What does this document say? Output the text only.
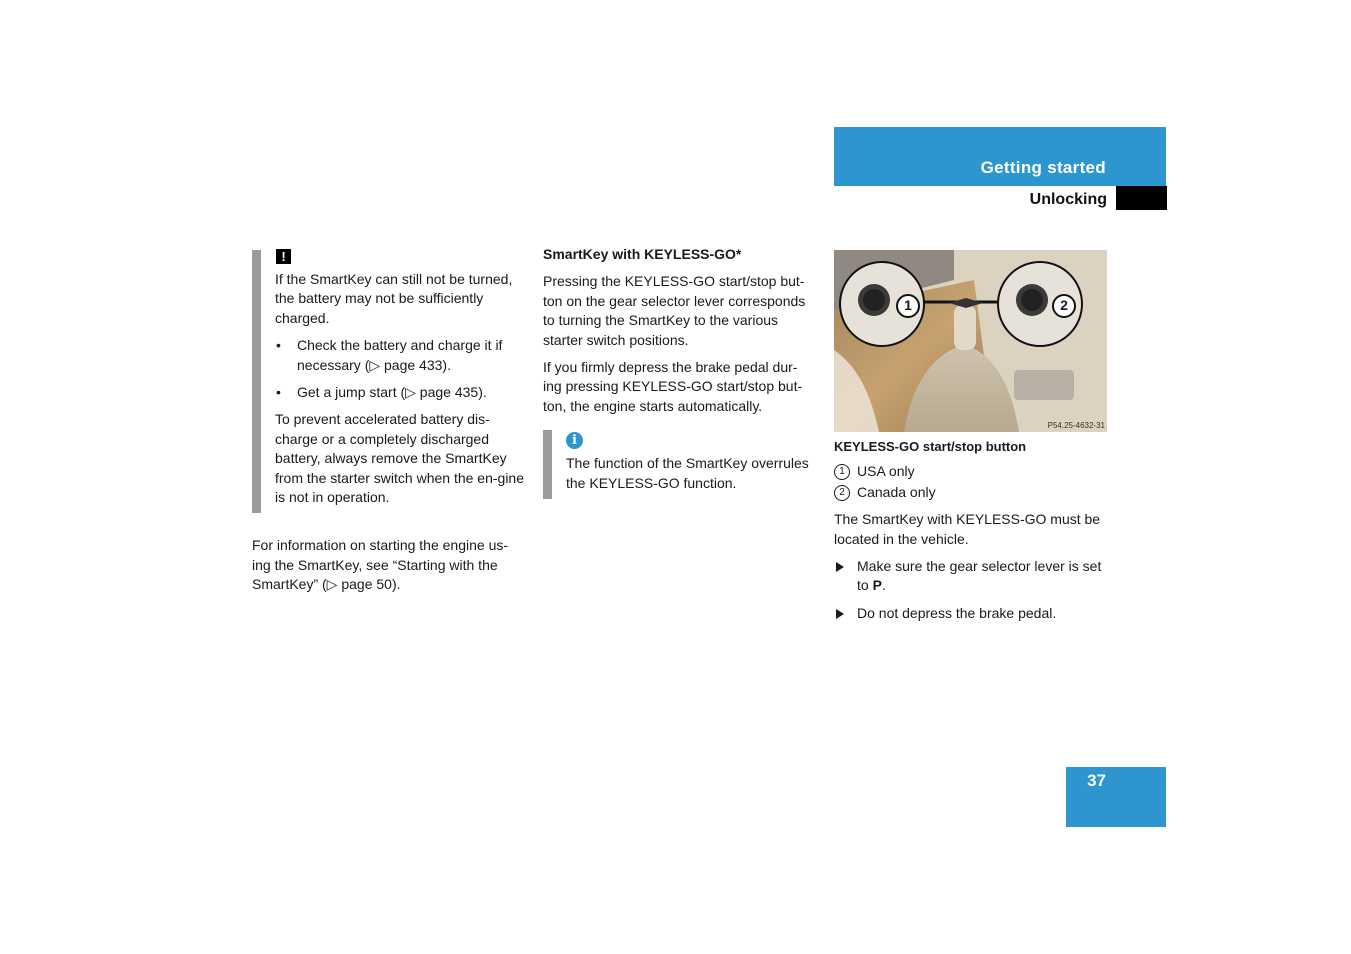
Getting started
Unlocking
!

If the SmartKey can still not be turned, the battery may not be sufficiently charged.

• Check the battery and charge it if necessary (▷ page 433).
• Get a jump start (▷ page 435).

To prevent accelerated battery dis-charge or a completely discharged battery, always remove the SmartKey from the starter switch when the en-gine is not in operation.

For information on starting the engine us-ing the SmartKey, see “Starting with the SmartKey” (▷ page 50).

SmartKey with KEYLESS-GO*

Pressing the KEYLESS-GO start/stop but-ton on the gear selector lever corresponds to turning the SmartKey to the various starter switch positions.

If you firmly depress the brake pedal dur-ing pressing KEYLESS-GO start/stop but-ton, the engine starts automatically.

i

The function of the SmartKey overrules the KEYLESS-GO function.

1	2
P54.25-4632-31
KEYLESS-GO start/stop button
1 USA only
2 Canada only

The SmartKey with KEYLESS-GO must be located in the vehicle.

Make sure the gear selector lever is set to P.
Do not depress the brake pedal.
37
